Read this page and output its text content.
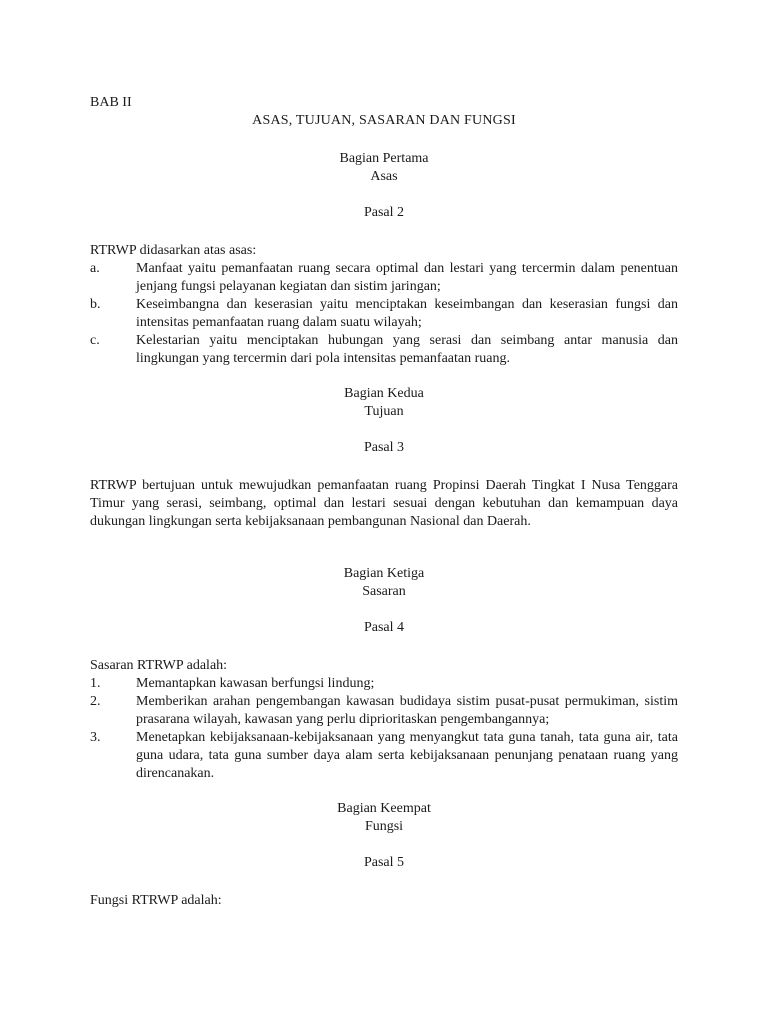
BAB II
ASAS, TUJUAN, SASARAN DAN FUNGSI
Bagian Pertama
Asas
Pasal 2
RTRWP didasarkan atas asas:
a.	Manfaat yaitu pemanfaatan ruang secara optimal dan lestari yang tercermin dalam penentuan jenjang fungsi pelayanan kegiatan dan sistim jaringan;
b.	Keseimbangna dan keserasian yaitu menciptakan keseimbangan dan keserasian fungsi dan intensitas pemanfaatan ruang dalam suatu wilayah;
c.	Kelestarian yaitu menciptakan hubungan yang serasi dan seimbang antar manusia dan lingkungan yang tercermin dari pola intensitas pemanfaatan ruang.
Bagian Kedua
Tujuan
Pasal 3
RTRWP bertujuan untuk mewujudkan pemanfaatan ruang Propinsi Daerah Tingkat I Nusa Tenggara Timur yang serasi, seimbang, optimal dan lestari sesuai dengan kebutuhan dan kemampuan daya dukungan lingkungan serta kebijaksanaan pembangunan Nasional dan Daerah.
Bagian Ketiga
Sasaran
Pasal 4
Sasaran RTRWP adalah:
1.	Memantapkan kawasan berfungsi lindung;
2.	Memberikan arahan pengembangan kawasan budidaya sistim pusat-pusat permukiman, sistim prasarana wilayah, kawasan yang perlu diprioritaskan pengembangannya;
3.	Menetapkan kebijaksanaan-kebijaksanaan yang menyangkut tata guna tanah, tata guna air, tata guna udara, tata guna sumber daya alam serta kebijaksanaan penunjang penataan ruang yang direncanakan.
Bagian Keempat
Fungsi
Pasal 5
Fungsi RTRWP adalah:
